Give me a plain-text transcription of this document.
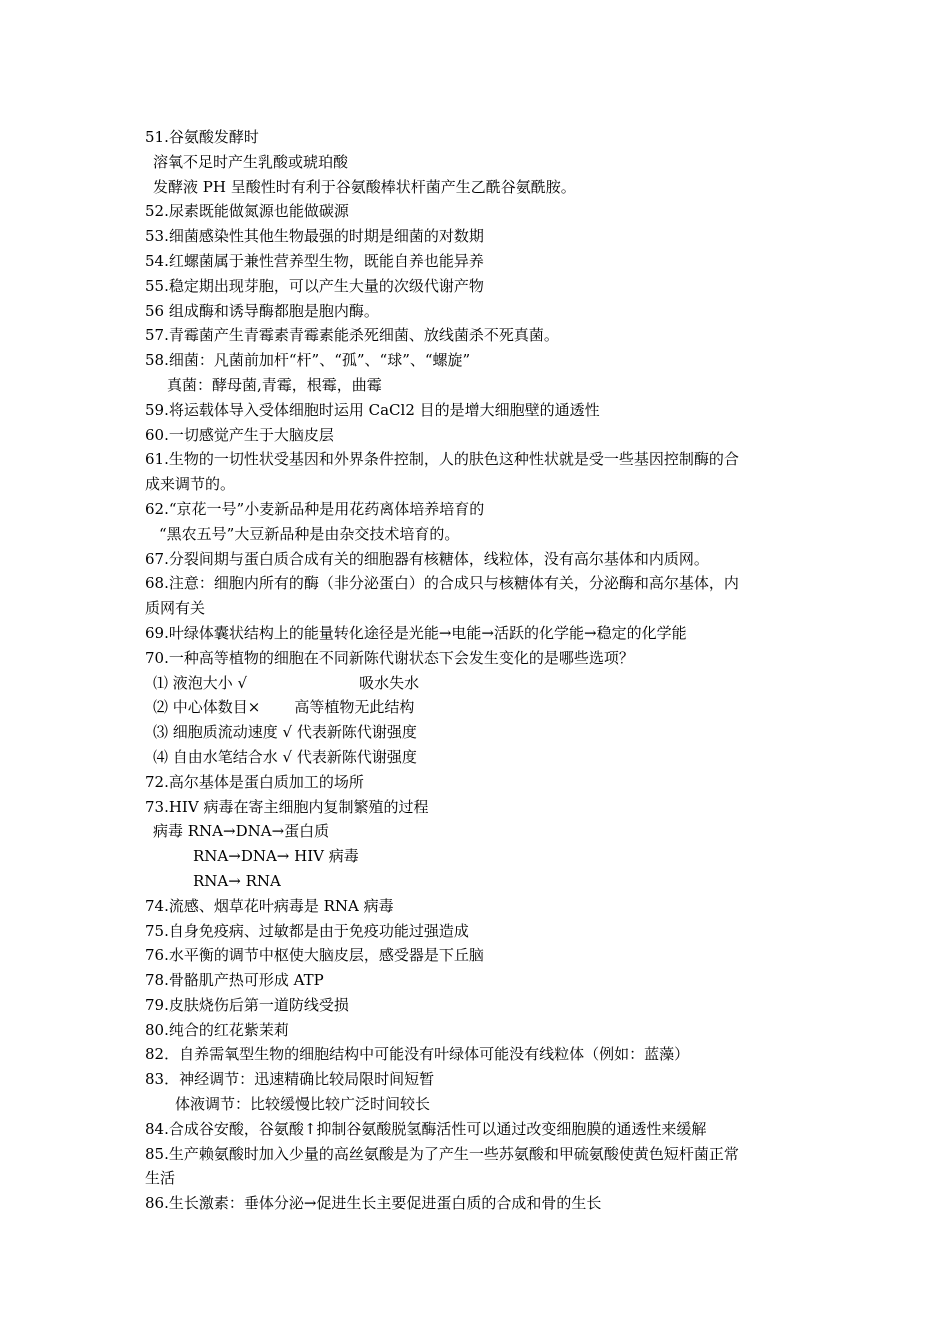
51.谷氨酸发酵时

溶氧不足时产生乳酸或琥珀酸

发酵液 PH 呈酸性时有利于谷氨酸棒状杆菌产生乙酰谷氨酰胺。

52.尿素既能做氮源也能做碳源

53.细菌感染性其他生物最强的时期是细菌的对数期

54.红螺菌属于兼性营养型生物，既能自养也能异养

55.稳定期出现芽胞，可以产生大量的次级代谢产物

56 组成酶和诱导酶都胞是胞内酶。

57.青霉菌产生青霉素青霉素能杀死细菌、放线菌杀不死真菌。

58.细菌：凡菌前加杆“杆”、“孤”、“球”、“螺旋”

真菌：酵母菌,青霉，根霉，曲霉

59.将运载体导入受体细胞时运用 CaCl2 目的是增大细胞壁的通透性

60.一切感觉产生于大脑皮层

61.生物的一切性状受基因和外界条件控制，人的肤色这种性状就是受一些基因控制酶的合

成来调节的。

62.“京花一号”小麦新品种是用花药离体培养培育的

“黑农五号”大豆新品种是由杂交技术培育的。

67.分裂间期与蛋白质合成有关的细胞器有核糖体，线粒体，没有高尔基体和内质网。

68.注意：细胞内所有的酶（非分泌蛋白）的合成只与核糖体有关，分泌酶和高尔基体，内

质网有关

69.叶绿体囊状结构上的能量转化途径是光能→电能→活跃的化学能→稳定的化学能

70.一种高等植物的细胞在不同新陈代谢状态下会发生变化的是哪些选项？

⑴ 液泡大小 √	吸水失水

⑵ 中心体数目× 高等植物无此结构

⑶ 细胞质流动速度 √ 代表新陈代谢强度

⑷ 自由水笔结合水 √ 代表新陈代谢强度

72.高尔基体是蛋白质加工的场所

73.HIV 病毒在寄主细胞内复制繁殖的过程

病毒 RNA→DNA→蛋白质

RNA→DNA→ HIV 病毒

RNA→ RNA

74.流感、烟草花叶病毒是 RNA 病毒

75.自身免疫病、过敏都是由于免疫功能过强造成

76.水平衡的调节中枢使大脑皮层，感受器是下丘脑

78.骨骼肌产热可形成 ATP

79.皮肤烧伤后第一道防线受损

80.纯合的红花紫茉莉

82．自养需氧型生物的细胞结构中可能没有叶绿体可能没有线粒体（例如：蓝藻）

83．神经调节：迅速精确比较局限时间短暂

体液调节：比较缓慢比较广泛时间较长

84.合成谷安酸，谷氨酸↑抑制谷氨酸脱氢酶活性可以通过改变细胞膜的通透性来缓解

85.生产赖氨酸时加入少量的高丝氨酸是为了产生一些苏氨酸和甲硫氨酸使黄色短杆菌正常

生活

86.生长激素：垂体分泌→促进生长主要促进蛋白质的合成和骨的生长
